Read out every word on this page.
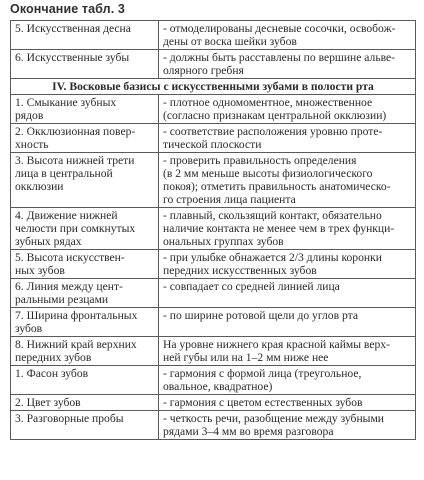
Окончание табл. 3
5. Искусственная десна	- отмоделированы десневые сосочки, освобож-
дены от воска шейки зубов
6. Искусственные зубы	- должны быть расставлены по вершине альве-
олярного гребня
IV. Восковые базисы с искусственными зубами в полости рта	
1. Смыкание зубных
рядов	- плотное одномоментное, множественное
(согласно признакам центральной окклюзии)
2. Окклюзионная повер-
хность	- соответствие расположения уровню проте-
тической плоскости
3. Высота нижней трети
лица в центральной
окклюзии	- проверить правильность определения
(в 2 мм меньше высоты физиологического
покоя); отметить правильность анатомическо-
го строения лица пациента
4. Движение нижней
челюсти при сомкнутых
зубных рядах	- плавный, скользящий контакт, обязательно
наличие контакта не менее чем в трех функци-
ональных группах зубов
5. Высота искусствен-
ных зубов	- при улыбке обнажается 2/3 длины коронки
передних искусственных зубов
6. Линия между цент-
ральными резцами	- совпадает со средней линией лица
7. Ширина фронтальных
зубов	- по ширине ротовой щели до углов рта
8. Нижний край верхних
передних зубов	На уровне нижнего края красной каймы верх-
ней губы или на 1–2 мм ниже нее
1. Фасон зубов	- гармония с формой лица (треугольное,
овальное, квадратное)
2. Цвет зубов	- гармония с цветом естественных зубов
3. Разговорные пробы	- четкость речи, разобщение между зубными
рядами 3–4 мм во время разговора
